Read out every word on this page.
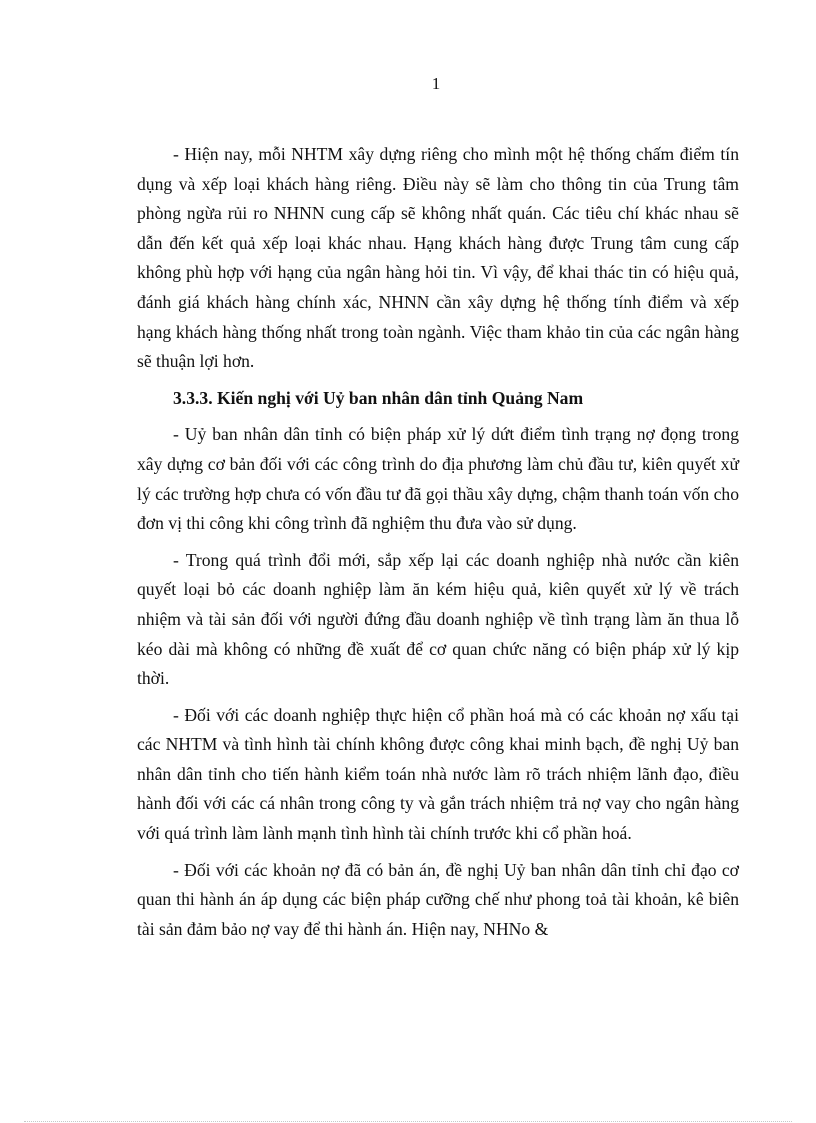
1

- Hiện nay, mỗi NHTM xây dựng riêng cho mình một hệ thống chấm điểm tín dụng và xếp loại khách hàng riêng. Điều này sẽ làm cho thông tin của Trung tâm phòng ngừa rủi ro NHNN cung cấp sẽ không nhất quán. Các tiêu chí khác nhau sẽ dẫn đến kết quả xếp loại khác nhau. Hạng khách hàng được Trung tâm cung cấp không phù hợp với hạng của ngân hàng hỏi tin. Vì vậy, để khai thác tin có hiệu quả, đánh giá khách hàng chính xác, NHNN cần xây dựng hệ thống tính điểm và xếp hạng khách hàng thống nhất trong toàn ngành. Việc tham khảo tin của các ngân hàng sẽ thuận lợi hơn.

3.3.3. Kiến nghị với Uỷ ban nhân dân tỉnh Quảng Nam

- Uỷ ban nhân dân tỉnh có biện pháp xử lý dứt điểm tình trạng nợ đọng trong xây dựng cơ bản đối với các công trình do địa phương làm chủ đầu tư, kiên quyết xử lý các trường hợp chưa có vốn đầu tư đã gọi thầu xây dựng, chậm thanh toán vốn cho đơn vị thi công khi công trình đã nghiệm thu đưa vào sử dụng.

- Trong quá trình đổi mới, sắp xếp lại các doanh nghiệp nhà nước cần kiên quyết loại bỏ các doanh nghiệp làm ăn kém hiệu quả, kiên quyết xử lý về trách nhiệm và tài sản đối với người đứng đầu doanh nghiệp về tình trạng làm ăn thua lỗ kéo dài mà không có những đề xuất để cơ quan chức năng có biện pháp xử lý kịp thời.

- Đối với các doanh nghiệp thực hiện cổ phần hoá mà có các khoản nợ xấu tại các NHTM và tình hình tài chính không được công khai minh bạch, đề nghị Uỷ ban nhân dân tỉnh cho tiến hành kiểm toán nhà nước làm rõ trách nhiệm lãnh đạo, điều hành đối với các cá nhân trong công ty và gắn trách nhiệm trả nợ vay cho ngân hàng với quá trình làm lành mạnh tình hình tài chính trước khi cổ phần hoá.

- Đối với các khoản nợ đã có bản án, đề nghị Uỷ ban nhân dân tỉnh chỉ đạo cơ quan thi hành án áp dụng các biện pháp cưỡng chế như phong toả tài khoản, kê biên tài sản đảm bảo nợ vay để thi hành án. Hiện nay, NHNo &
